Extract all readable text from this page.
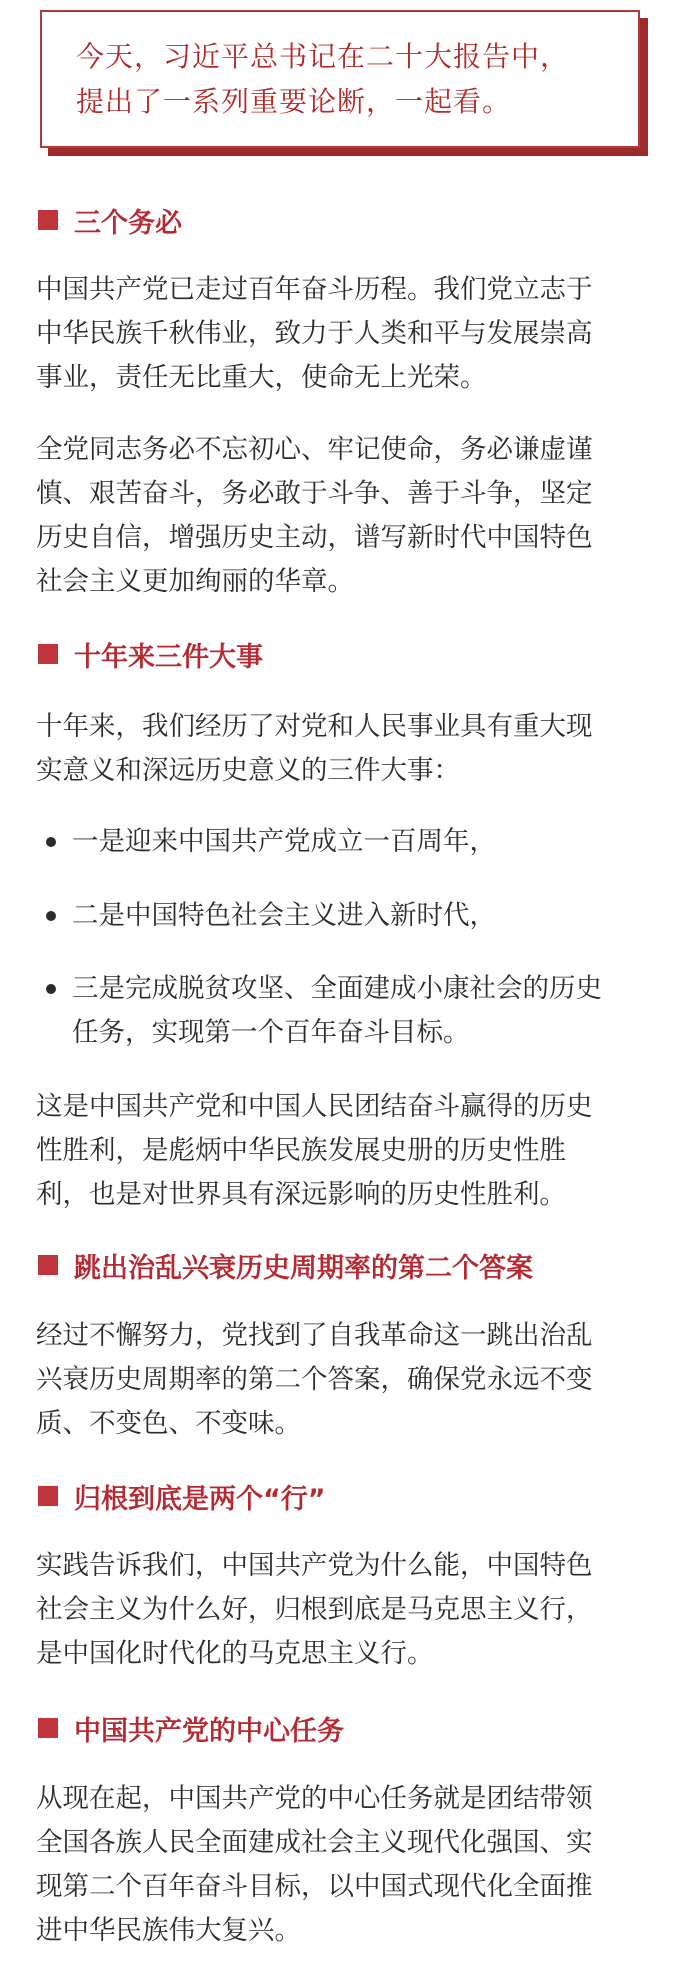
今天，习近平总书记在二十大报告中，
提出了一系列重要论断，一起看。
三个务必
中国共产党已走过百年奋斗历程。我们党立志于
中华民族千秋伟业，致力于人类和平与发展崇高
事业，责任无比重大，使命无上光荣。
全党同志务必不忘初心、牢记使命，务必谦虚谨
慎、艰苦奋斗，务必敢于斗争、善于斗争，坚定
历史自信，增强历史主动，谱写新时代中国特色
社会主义更加绚丽的华章。
十年来三件大事
十年来，我们经历了对党和人民事业具有重大现
实意义和深远历史意义的三件大事：
一是迎来中国共产党成立一百周年，
二是中国特色社会主义进入新时代，
三是完成脱贫攻坚、全面建成小康社会的历史
任务，实现第一个百年奋斗目标。
这是中国共产党和中国人民团结奋斗赢得的历史
性胜利，是彪炳中华民族发展史册的历史性胜
利，也是对世界具有深远影响的历史性胜利。
跳出治乱兴衰历史周期率的第二个答案
经过不懈努力，党找到了自我革命这一跳出治乱
兴衰历史周期率的第二个答案，确保党永远不变
质、不变色、不变味。
归根到底是两个“行”
实践告诉我们，中国共产党为什么能，中国特色
社会主义为什么好，归根到底是马克思主义行，
是中国化时代化的马克思主义行。
中国共产党的中心任务
从现在起，中国共产党的中心任务就是团结带领
全国各族人民全面建成社会主义现代化强国、实
现第二个百年奋斗目标，以中国式现代化全面推
进中华民族伟大复兴。
